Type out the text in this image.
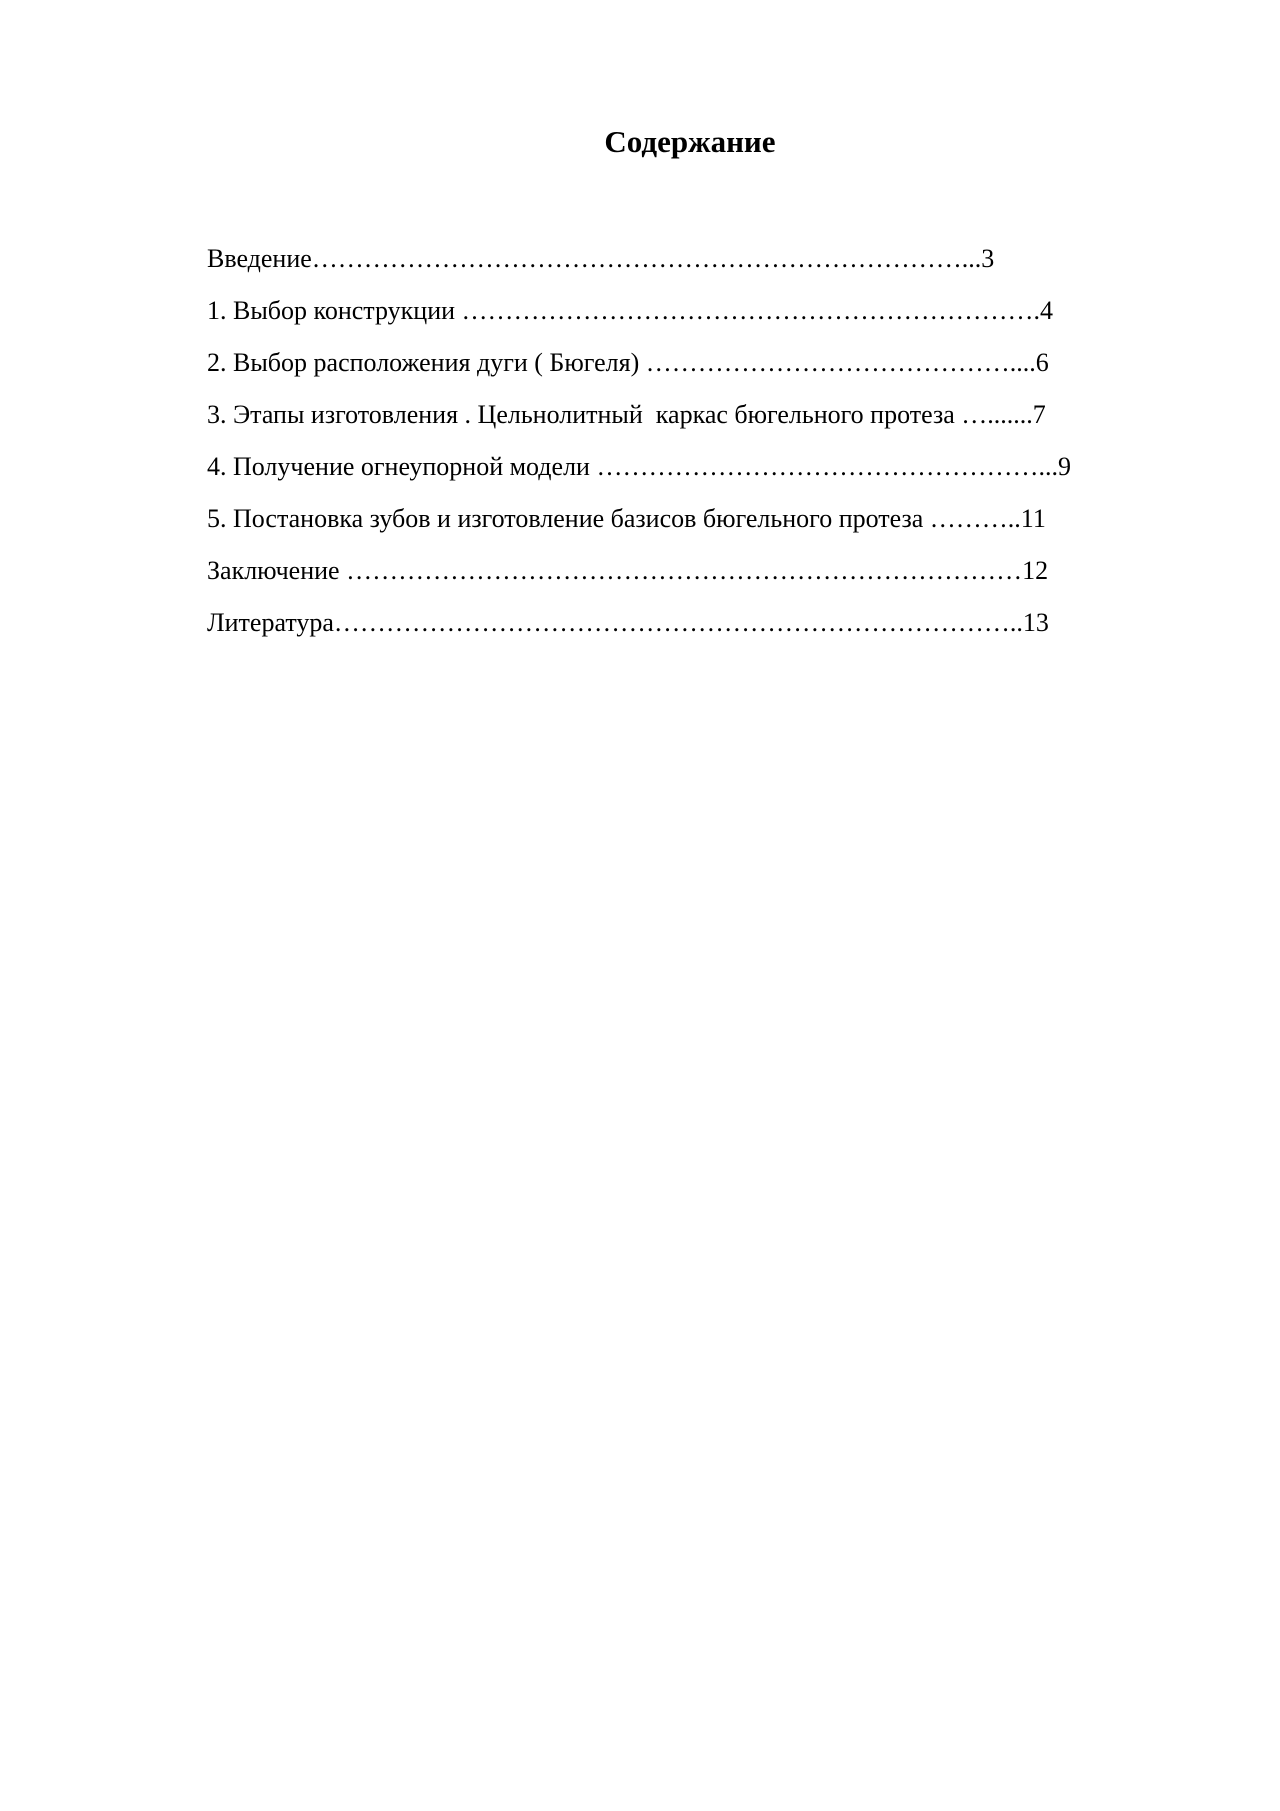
Содержание
Введение…………………………………………………………………...3
1. Выбор конструкции ………………………………………………………….4
2. Выбор расположения дуги ( Бюгеля) ……………………………………....6
3. Этапы изготовления . Цельнолитный  каркас бюгельного протеза ….......7
4. Получение огнеупорной модели ……………………………………………...9
5. Постановка зубов и изготовление базисов бюгельного протеза ………..11
Заключение ……………………………………………………………………12
Литература……………………………………………………………………..13
